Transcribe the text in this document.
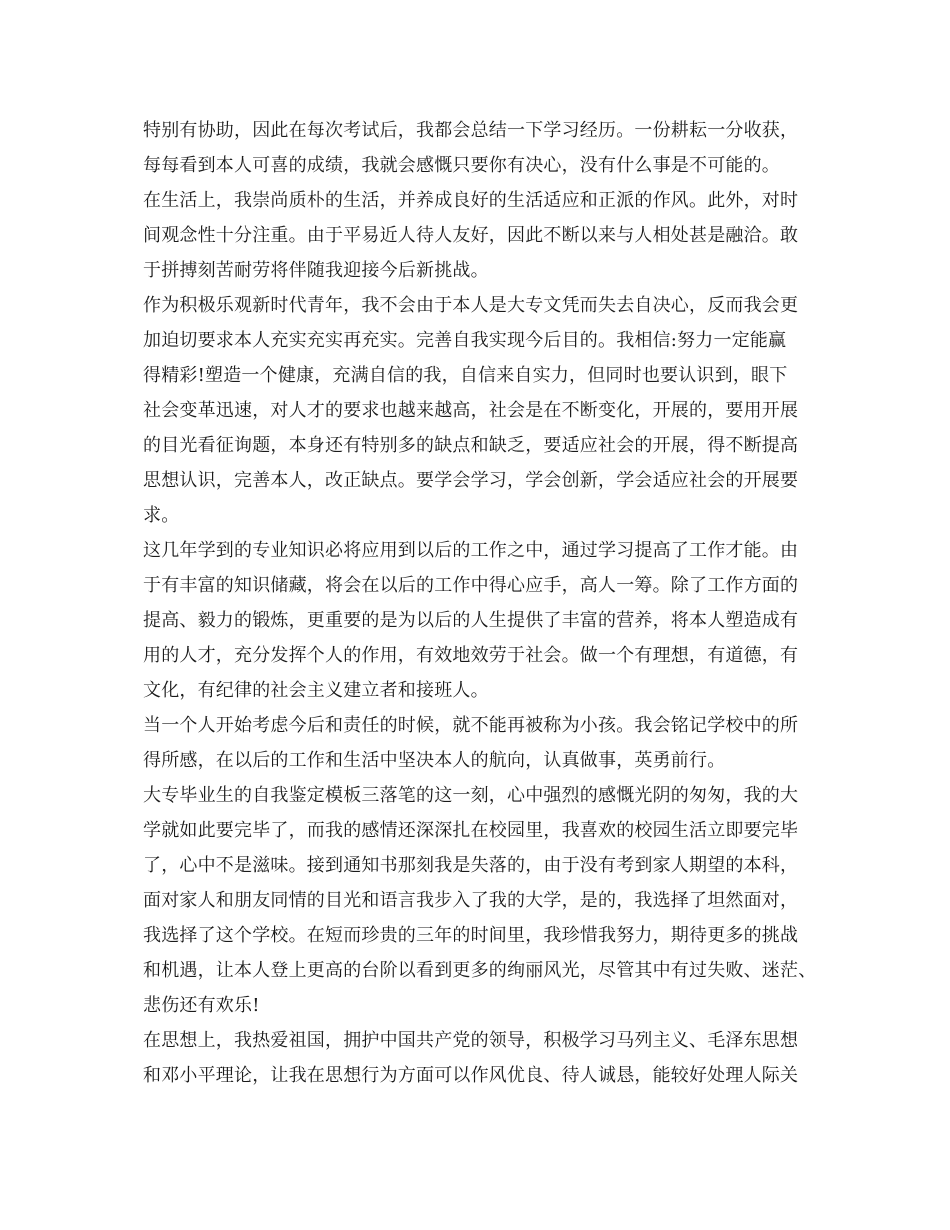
特别有协助，因此在每次考试后，我都会总结一下学习经历。一份耕耘一分收获，
每每看到本人可喜的成绩，我就会感慨只要你有决心，没有什么事是不可能的。
在生活上，我崇尚质朴的生活，并养成良好的生活适应和正派的作风。此外，对时
间观念性十分注重。由于平易近人待人友好，因此不断以来与人相处甚是融洽。敢
于拼搏刻苦耐劳将伴随我迎接今后新挑战。
作为积极乐观新时代青年，我不会由于本人是大专文凭而失去自决心，反而我会更
加迫切要求本人充实充实再充实。完善自我实现今后目的。我相信:努力一定能赢
得精彩!塑造一个健康，充满自信的我，自信来自实力，但同时也要认识到，眼下
社会变革迅速，对人才的要求也越来越高，社会是在不断变化，开展的，要用开展
的目光看征询题，本身还有特别多的缺点和缺乏，要适应社会的开展，得不断提高
思想认识，完善本人，改正缺点。要学会学习，学会创新，学会适应社会的开展要
求。
这几年学到的专业知识必将应用到以后的工作之中，通过学习提高了工作才能。由
于有丰富的知识储藏，将会在以后的工作中得心应手，高人一筹。除了工作方面的
提高、毅力的锻炼，更重要的是为以后的人生提供了丰富的营养，将本人塑造成有
用的人才，充分发挥个人的作用，有效地效劳于社会。做一个有理想，有道德，有
文化，有纪律的社会主义建立者和接班人。
当一个人开始考虑今后和责任的时候，就不能再被称为小孩。我会铭记学校中的所
得所感，在以后的工作和生活中坚决本人的航向，认真做事，英勇前行。
大专毕业生的自我鉴定模板三落笔的这一刻，心中强烈的感慨光阴的匆匆，我的大
学就如此要完毕了，而我的感情还深深扎在校园里，我喜欢的校园生活立即要完毕
了，心中不是滋味。接到通知书那刻我是失落的，由于没有考到家人期望的本科，
面对家人和朋友同情的目光和语言我步入了我的大学，是的，我选择了坦然面对，
我选择了这个学校。在短而珍贵的三年的时间里，我珍惜我努力，期待更多的挑战
和机遇，让本人登上更高的台阶以看到更多的绚丽风光，尽管其中有过失败、迷茫、
悲伤还有欢乐!
在思想上，我热爱祖国，拥护中国共产党的领导，积极学习马列主义、毛泽东思想
和邓小平理论，让我在思想行为方面可以作风优良、待人诚恳，能较好处理人际关
